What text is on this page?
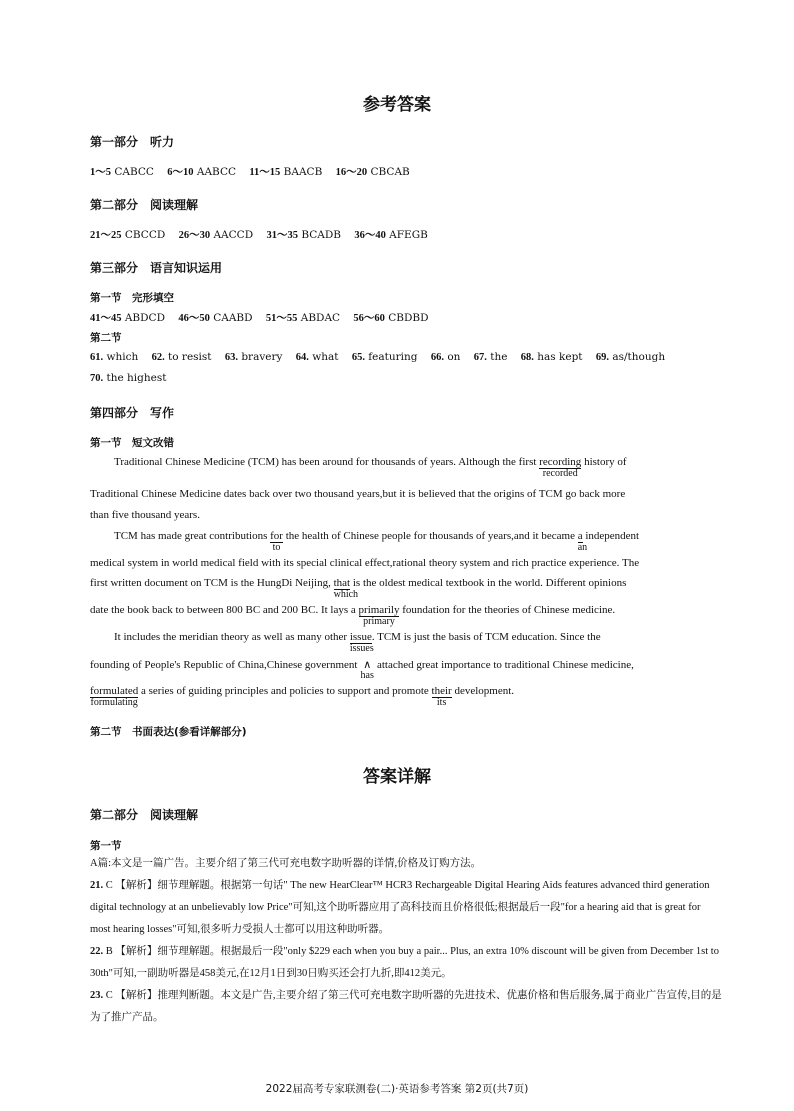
参考答案
第一部分　听力
1～5 CABCC 6～10 AABCC 11～15 BAACB 16～20 CBCAB
第二部分　阅读理解
21～25 CBCCD 26～30 AACCD 31～35 BCADB 36～40 AFEGB
第三部分　语言知识运用
第一节　完形填空
41～45 ABDCD 46～50 CAABD 51～55 ABDAC 56～60 CBDBD
第二节
61. which 62. to resist 63. bravery 64. what 65. featuring 66. on 67. the 68. has kept 69. as/though
70. the highest
第四部分　写作
第一节　短文改错
Traditional Chinese Medicine (TCM) has been around for thousands of years. Although the first recording
recorded
history of
Traditional Chinese Medicine dates back over two thousand years,but it is believed that the origins of TCM go back more
than five thousand years.
TCM has made great contributions for
to
the health of Chinese people for thousands of years,and it became a
an
independent
medical system in world medical field with its special clinical effect,rational theory system and rich practice experience. The
first written document on TCM is the HungDi Neijing, that
which
is the oldest medical textbook in the world. Different opinions
date the book back to between 800 BC and 200 BC. It lays a primarily
primary
foundation for the theories of Chinese medicine.
It includes the meridian theory as well as many other issue
issues
. TCM is just the basis of TCM education. Since the
founding of People's Republic of China,Chinese government ∧
has
attached great importance to traditional Chinese medicine,
formulated
formulating
a series of guiding principles and policies to support and promote their
its
development.
第二节　书面表达(参看详解部分)
答案详解
第二部分　阅读理解
第一节
A篇:本文是一篇广告。主要介绍了第三代可充电数字助听器的详情,价格及订购方法。
21. C 【解析】细节理解题。根据第一句话" The new HearClear™ HCR3 Rechargeable Digital Hearing Aids features advanced third generation digital technology at an unbelievably low Price"可知,这个助听器应用了高科技而且价格很低;根据最后一段"for a hearing aid that is great for most hearing losses"可知,很多听力受损人士都可以用这种助听器。
22. B 【解析】细节理解题。根据最后一段"only $229 each when you buy a pair... Plus, an extra 10% discount will be given from December 1st to 30th"可知,一副助听器是458美元,在12月1日到30日购买还会打九折,即412美元。
23. C 【解析】推理判断题。本文是广告,主要介绍了第三代可充电数字助听器的先进技术、优惠价格和售后服务,属于商业广告宣传,目的是为了推广产品。
2022届高考专家联测卷(二)·英语参考答案 第2页(共7页)
